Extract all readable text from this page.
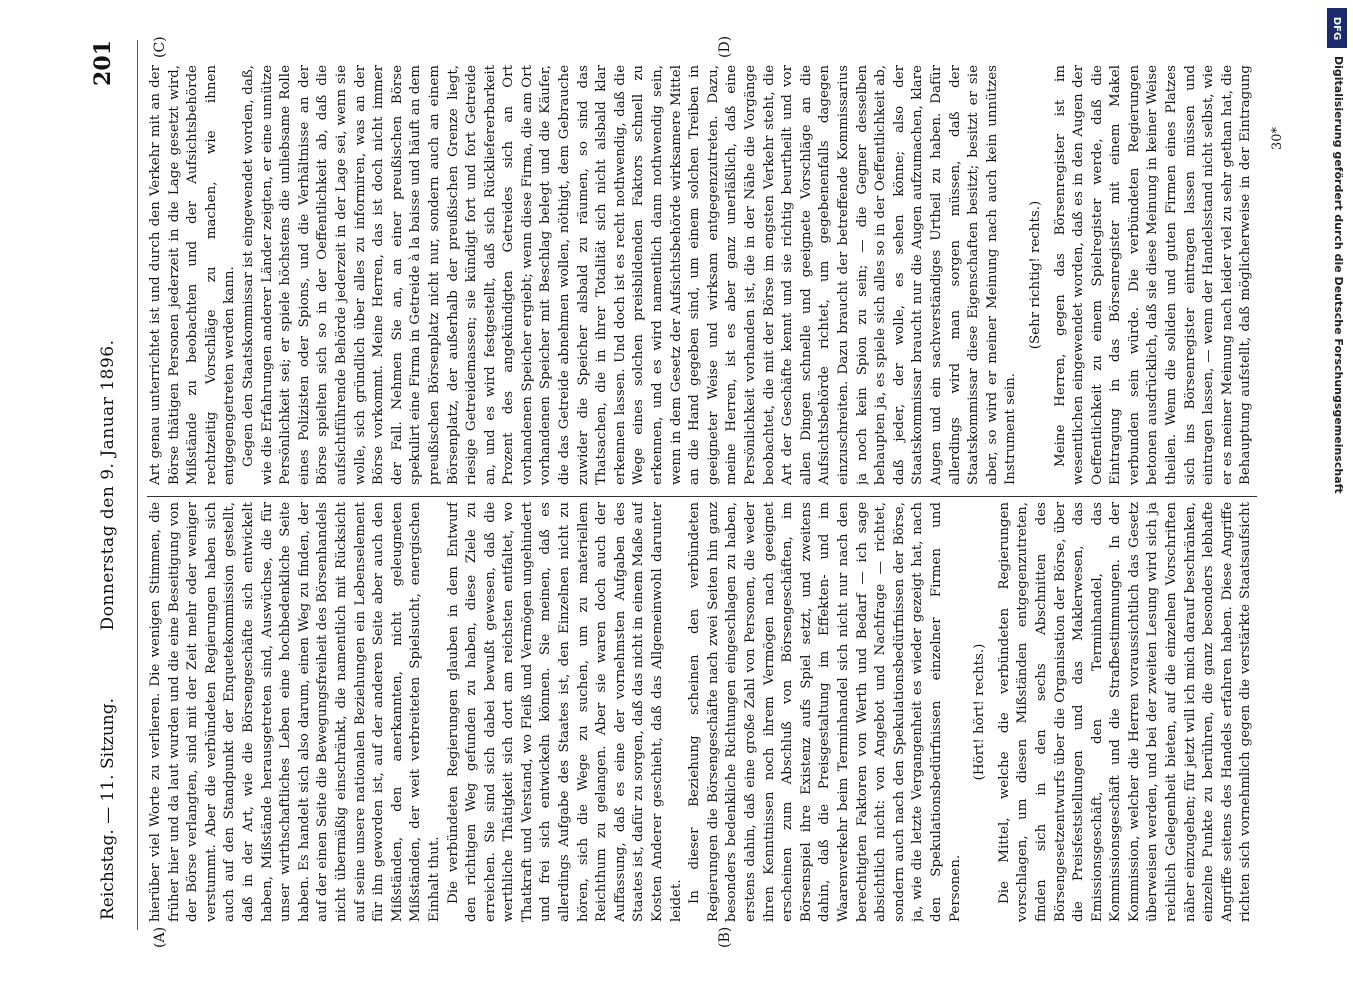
Reichstag. — 11. Sitzung.
Donnerstag den 9. Januar 1896.
201
(A)	(B)
(C)	(D)

hierüber viel Worte zu verlieren. Die wenigen Stimmen, die früher hier und da laut wurden und die eine Beseitigung von der Börse verlangten, sind mit der Zeit mehr oder weniger verstummt. Aber die verbündeten Regierungen haben sich auch auf den Standpunkt der Enquetekommission gestellt, daß in der Art, wie die Börsengeschäfte sich entwickelt haben, Mißstände herausgetreten sind, Auswüchse, die für unser wirthschaftliches Leben eine hochbedenkliche Seite haben. Es handelt sich also darum, einen Weg zu finden, der auf der einen Seite die Bewegungsfreiheit des Börsenhandels nicht übermäßig einschränkt, die namentlich mit Rücksicht auf seine unsere nationalen Beziehungen ein Lebenselement für ihn geworden ist, auf der anderen Seite aber auch den Mißständen, den anerkannten, nicht geleugneten Mißständen, der weit verbreiteten Spielsucht, energischen Einhalt thut. Die verbündeten Regierungen glauben in dem Entwurf den richtigen Weg gefunden zu haben, diese Ziele zu erreichen. Sie sind sich dabei bewußt gewesen, daß die werthliche Thätigkeit sich dort am reichsten entfaltet, wo Thatkraft und Verstand, wo Fleiß und Vermögen ungehindert und frei sich entwickeln können. Sie meinen, daß es allerdings Aufgabe des Staates ist, den Einzelnen nicht zu hören, sich die Wege zu suchen, um zu materiellem Reichthum zu gelangen. Aber sie waren doch auch der Auffassung, daß es eine der vornehmsten Aufgaben des Staates ist, dafür zu sorgen, daß das nicht in einem Maße auf Kosten Anderer geschieht, daß das Allgemeinwohl darunter leidet. In dieser Beziehung scheinen den verbündeten Regierungen die Börsengeschäfte nach zwei Seiten hin ganz besonders bedenkliche Richtungen eingeschlagen zu haben, erstens dahin, daß eine große Zahl von Personen, die weder ihren Kenntnissen noch ihrem Vermögen nach geeignet erscheinen zum Abschluß von Börsengeschäften, im Börsenspiel ihre Existenz aufs Spiel setzt, und zweitens dahin, daß die Preisgestaltung im Effekten- und im Waarenverkehr beim Terminhandel sich nicht nur nach den berechtigten Faktoren von Werth und Bedarf — ich sage absichtlich nicht: von Angebot und Nachfrage — richtet, sondern auch nach den Spekulationsbedürfnissen der Börse, ja, wie die letzte Vergangenheit es wieder gezeigt hat, nach den Spekulationsbedürfnissen einzelner Firmen und Personen.

(Hört! hört! rechts.)

Die Mittel, welche die verbündeten Regierungen vorschlagen, um diesen Mißständen entgegenzutreten, finden sich in den sechs Abschnitten des Börsengesetzentwurfs über die Organisation der Börse, über die Preisfeststellungen und das Maklerwesen, das Emissionsgeschäft, den Terminhandel, das Kommissionsgeschäft und die Strafbestimmungen. In der Kommission, welcher die Herren voraussichtlich das Gesetz überweisen werden, und bei der zweiten Lesung wird sich ja reichlich Gelegenheit bieten, auf die einzelnen Vorschriften näher einzugehen; für jetzt will ich mich darauf beschränken, einzelne Punkte zu berühren, die ganz besonders lebhafte Angriffe seitens des Handels erfahren haben. Diese Angriffe richten sich vornehmlich gegen die verstärkte Staatsaufsicht

Art genau unterrichtet ist und durch den Verkehr mit an der Börse thätigen Personen jederzeit in die Lage gesetzt wird, Mißstände zu beobachten und der Aufsichtsbehörde rechtzeitig Vorschläge zu machen, wie ihnen entgegengetreten werden kann. Gegen den Staatskommissar ist eingewendet worden, daß, wie die Erfahrungen anderer Länder zeigten, er eine unnütze Persönlichkeit sei; er spiele höchstens die unliebsame Rolle eines Polizisten oder Spions, und die Verhältnisse an der Börse spielten sich so in der Oeffentlichkeit ab, daß die aufsichtführende Behörde jederzeit in der Lage sei, wenn sie wolle, sich gründlich über alles zu informiren, was an der Börse vorkommt. Meine Herren, das ist doch nicht immer der Fall. Nehmen Sie an, an einer preußischen Börse spekulirt eine Firma in Getreide à la baisse und häuft an dem preußischen Börsenplatz nicht nur, sondern auch an einem Börsenplatz, der außerhalb der preußischen Grenze liegt, riesige Getreidemassen; sie kündigt fort und fort Getreide an, und es wird festgestellt, daß sich Rückliefererbarkeit Prozent des angekündigten Getreides sich an Ort vorhandenen Speicher ergiebt; wenn diese Firma, die am Ort vorhandenen Speicher mit Beschlag belegt und die Käufer, die das Getreide abnehmen wollen, nöthigt, dem Gebrauche zuwider die Speicher alsbald zu räumen, so sind das Thatsachen, die in ihrer Totalität sich nicht alsbald klar erkennen lassen. Und doch ist es recht nothwendig, daß die Wege eines solchen preisbildenden Faktors schnell zu erkennen, und es wird namentlich dann nothwendig sein, wenn in dem Gesetz der Aufsichtsbehörde wirksamere Mittel an die Hand gegeben sind, um einem solchen Treiben in geeigneter Weise und wirksam entgegenzutreten. Dazu, meine Herren, ist es aber ganz unerläßlich, daß eine Persönlichkeit vorhanden ist, die in der Nähe die Vorgänge beobachtet, die mit der Börse im engsten Verkehr steht, die Art der Geschäfte kennt und sie richtig beurtheilt und vor allen Dingen schnelle und geeignete Vorschläge an die Aufsichtsbehörde richtet, um gegebenenfalls dagegen einzuschreiten. Dazu braucht der betreffende Kommissarius ja noch kein Spion zu sein; — die Gegner desselben behaupten ja, es spiele sich alles so in der Oeffentlichkeit ab, daß jeder, der wolle, es sehen könne; also der Staatskommissar braucht nur die Augen aufzumachen, klare Augen und ein sachverständiges Urtheil zu haben. Dafür allerdings wird man sorgen müssen, daß der Staatskommissar diese Eigenschaften besitzt; besitzt er sie aber, so wird er meiner Meinung nach auch kein unnützes Instrument sein.

(Sehr richtig! rechts.)

Meine Herren, gegen das Börsenregister ist im wesentlichen eingewendet worden, daß es in den Augen der Oeffentlichkeit zu einem Spielregister werde, daß die Eintragung in das Börsenregister mit einem Makel verbunden sein würde. Die verbündeten Regierungen betonen ausdrücklich, daß sie diese Meinung in keiner Weise theilen. Wenn die soliden und guten Firmen eines Platzes sich ins Börsenregister eintragen lassen müssen und eintragen lassen, — wenn der Handelsstand nicht selbst, wie er es meiner Meinung nach leider viel zu sehr gethan hat, die Behauptung aufstellt, daß möglicherweise in der Eintragung	30*
DFG
Digitalisierung gefördert durch die Deutsche Forschungsgemeinschaft
